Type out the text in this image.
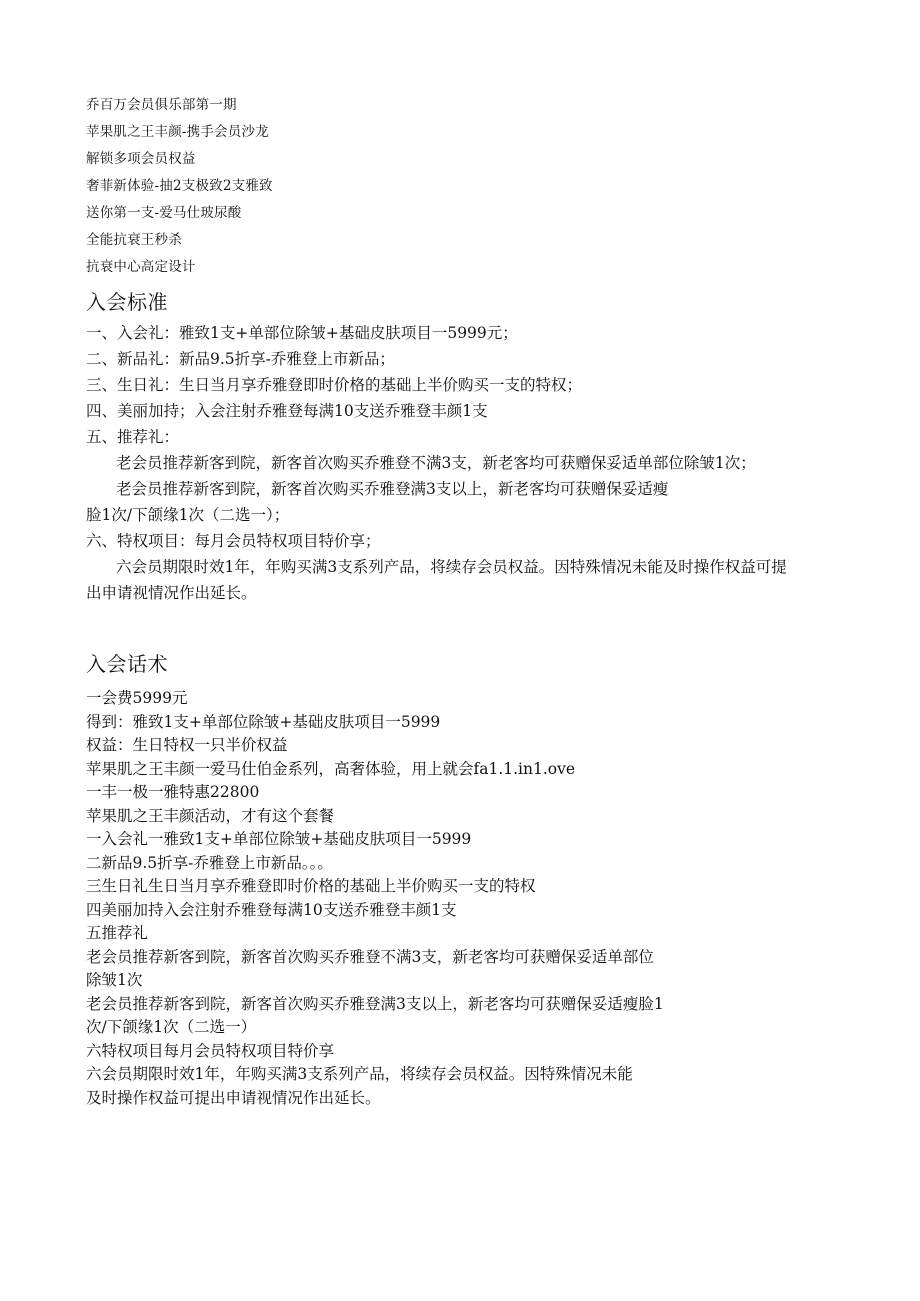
乔百万会员俱乐部第一期
苹果肌之王丰颜-携手会员沙龙
解锁多项会员权益
奢菲新体验-抽2支极致2支雅致
送你第一支-爱马仕玻尿酸
全能抗衰王秒杀
抗衰中心高定设计
入会标准
一、入会礼：雅致1支+单部位除皱+基础皮肤项目一5999元；
二、新品礼：新品9.5折享-乔雅登上市新品；
三、生日礼：生日当月享乔雅登即时价格的基础上半价购买一支的特权；
四、美丽加持；入会注射乔雅登每满10支送乔雅登丰颜1支
五、推荐礼：
老会员推荐新客到院，新客首次购买乔雅登不满3支，新老客均可获赠保妥适单部位除皱1次；
老会员推荐新客到院，新客首次购买乔雅登满3支以上，新老客均可获赠保妥适瘦
脸1次/下颌缘1次（二选一）；
六、特权项目：每月会员特权项目特价享；
六会员期限时效1年，年购买满3支系列产品，将续存会员权益。因特殊情况未能及时操作权益可提
出申请视情况作出延长。
入会话术
一会费5999元
得到：雅致1支+单部位除皱+基础皮肤项目一5999
权益：生日特权一只半价权益
苹果肌之王丰颜一爱马仕伯金系列，高奢体验，用上就会fa1.1.in1.ove
一丰一极一雅特惠22800
苹果肌之王丰颜活动，才有这个套餐
一入会礼一雅致1支+单部位除皱+基础皮肤项目一5999
二新品9.5折享-乔雅登上市新品。。。
三生日礼生日当月享乔雅登即时价格的基础上半价购买一支的特权
四美丽加持入会注射乔雅登每满10支送乔雅登丰颜1支
五推荐礼
老会员推荐新客到院，新客首次购买乔雅登不满3支，新老客均可获赠保妥适单部位
除皱1次
老会员推荐新客到院，新客首次购买乔雅登满3支以上，新老客均可获赠保妥适瘦脸1
次/下颌缘1次（二选一）
六特权项目每月会员特权项目特价享
六会员期限时效1年，年购买满3支系列产品，将续存会员权益。因特殊情况未能
及时操作权益可提出申请视情况作出延长。
